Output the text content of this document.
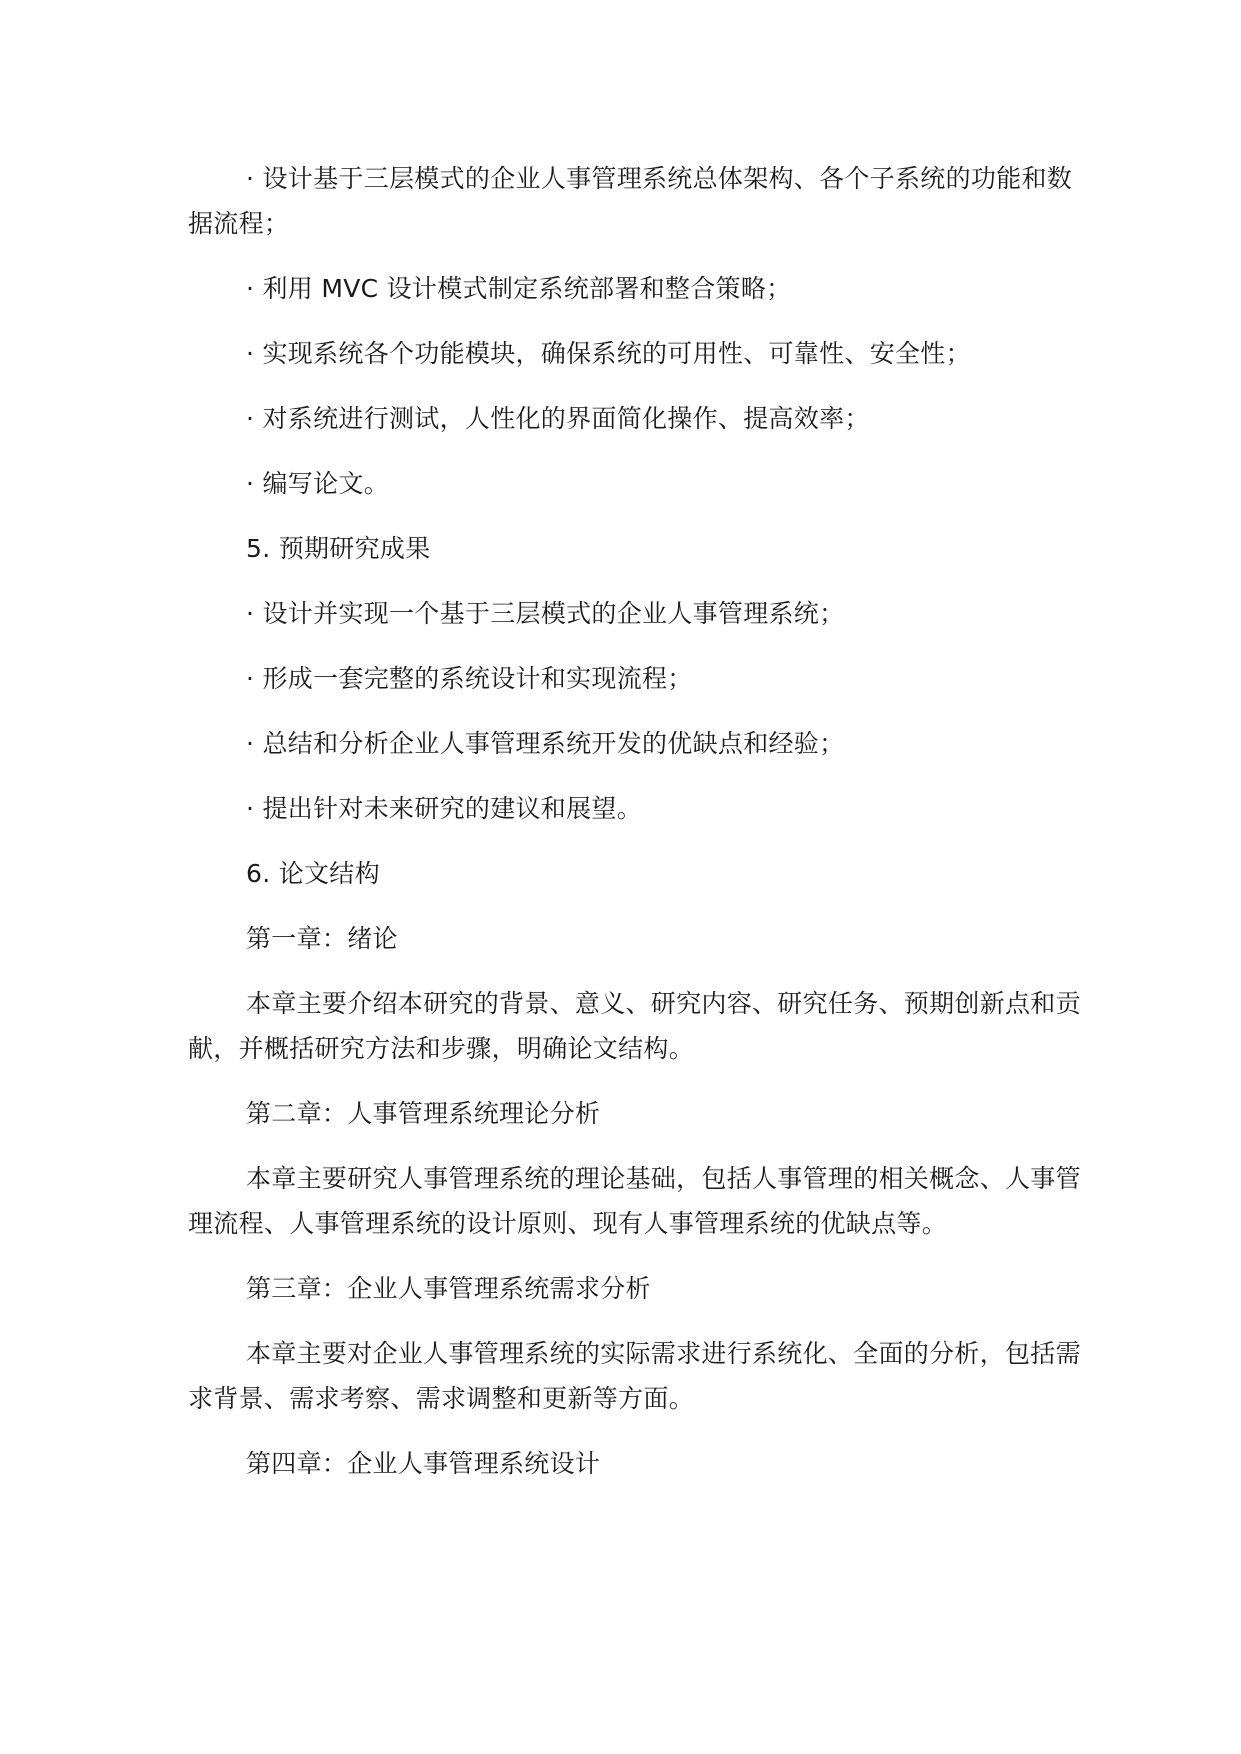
· 设计基于三层模式的企业人事管理系统总体架构、各个子系统的功能和数据流程；

· 利用 MVC 设计模式制定系统部署和整合策略；

· 实现系统各个功能模块，确保系统的可用性、可靠性、安全性；

· 对系统进行测试，人性化的界面简化操作、提高效率；

· 编写论文。

5. 预期研究成果

· 设计并实现一个基于三层模式的企业人事管理系统；

· 形成一套完整的系统设计和实现流程；

· 总结和分析企业人事管理系统开发的优缺点和经验；

· 提出针对未来研究的建议和展望。

6. 论文结构

第一章：绪论

本章主要介绍本研究的背景、意义、研究内容、研究任务、预期创新点和贡献，并概括研究方法和步骤，明确论文结构。

第二章：人事管理系统理论分析

本章主要研究人事管理系统的理论基础，包括人事管理的相关概念、人事管理流程、人事管理系统的设计原则、现有人事管理系统的优缺点等。

第三章：企业人事管理系统需求分析

本章主要对企业人事管理系统的实际需求进行系统化、全面的分析，包括需求背景、需求考察、需求调整和更新等方面。

第四章：企业人事管理系统设计
